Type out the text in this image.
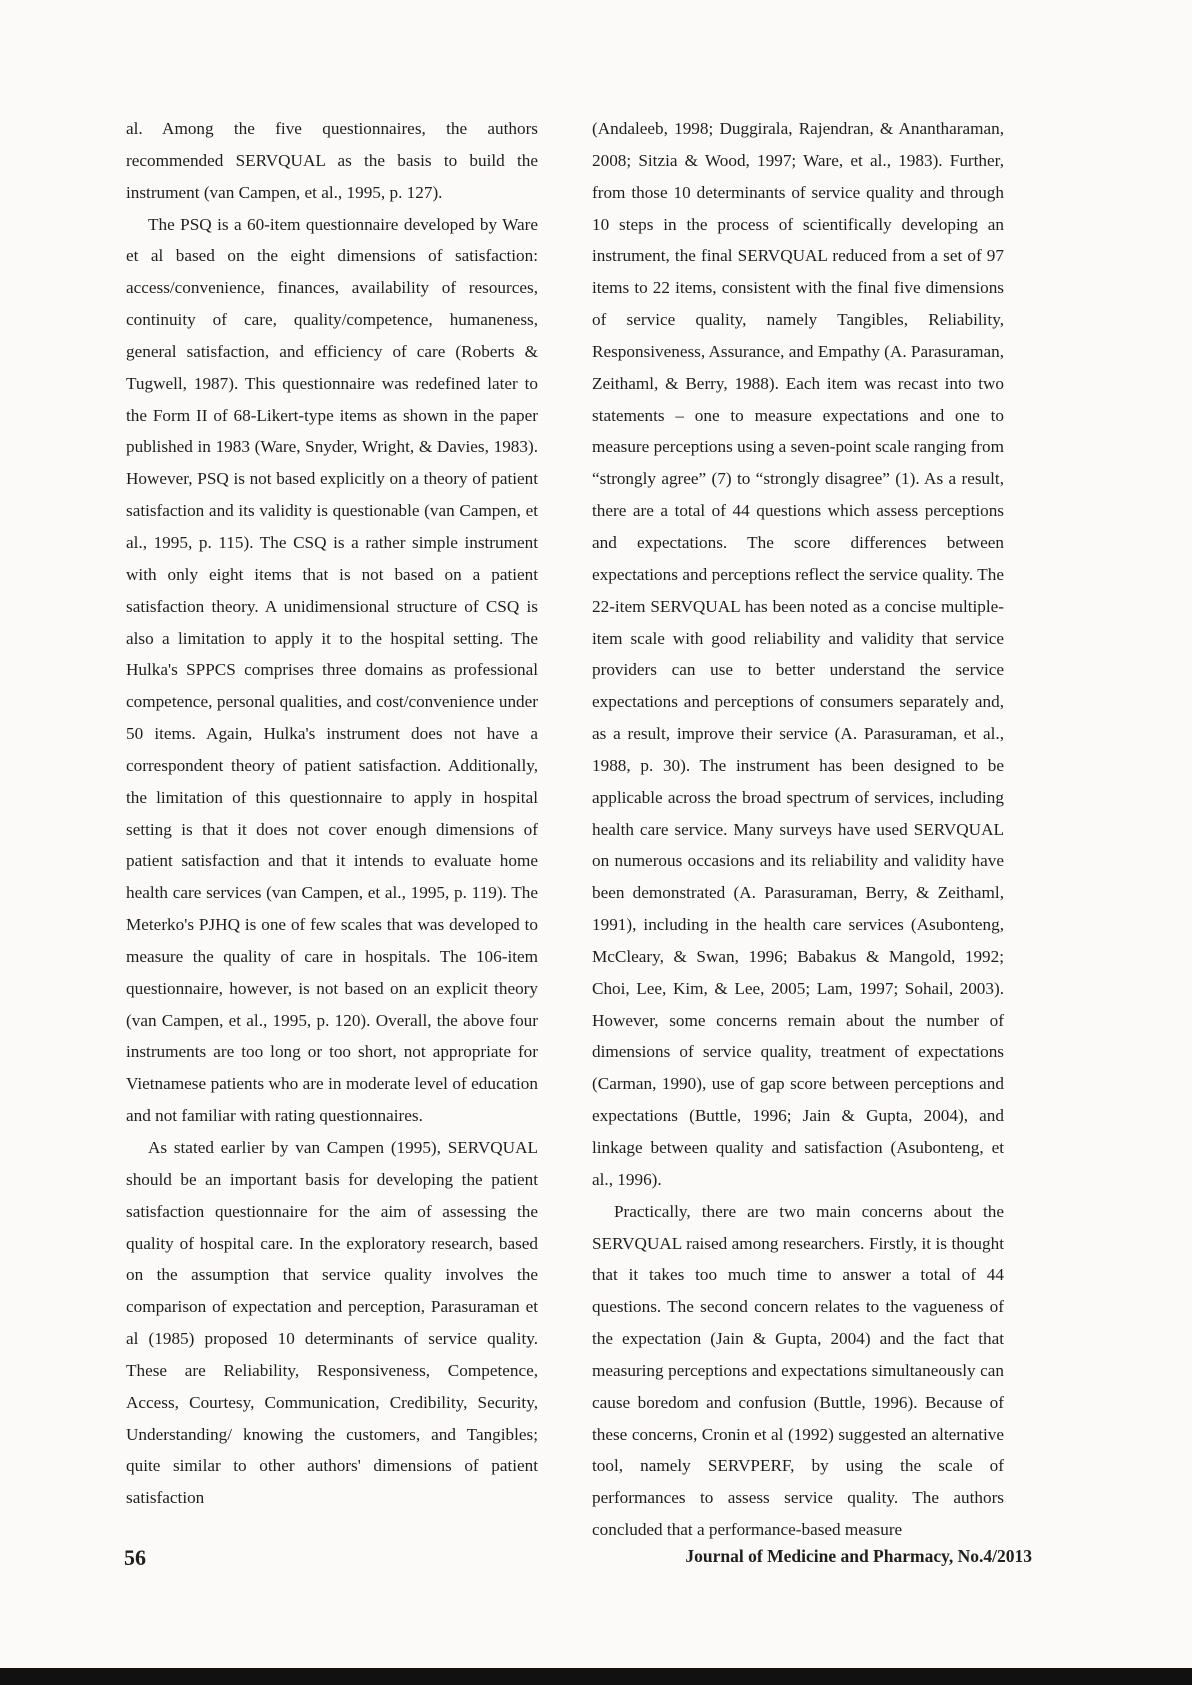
al. Among the five questionnaires, the authors recommended SERVQUAL as the basis to build the instrument (van Campen, et al., 1995, p. 127).

The PSQ is a 60-item questionnaire developed by Ware et al based on the eight dimensions of satisfaction: access/convenience, finances, availability of resources, continuity of care, quality/competence, humaneness, general satisfaction, and efficiency of care (Roberts & Tugwell, 1987). This questionnaire was redefined later to the Form II of 68-Likert-type items as shown in the paper published in 1983 (Ware, Snyder, Wright, & Davies, 1983). However, PSQ is not based explicitly on a theory of patient satisfaction and its validity is questionable (van Campen, et al., 1995, p. 115). The CSQ is a rather simple instrument with only eight items that is not based on a patient satisfaction theory. A unidimensional structure of CSQ is also a limitation to apply it to the hospital setting. The Hulka's SPPCS comprises three domains as professional competence, personal qualities, and cost/convenience under 50 items. Again, Hulka's instrument does not have a correspondent theory of patient satisfaction. Additionally, the limitation of this questionnaire to apply in hospital setting is that it does not cover enough dimensions of patient satisfaction and that it intends to evaluate home health care services (van Campen, et al., 1995, p. 119). The Meterko's PJHQ is one of few scales that was developed to measure the quality of care in hospitals. The 106-item questionnaire, however, is not based on an explicit theory (van Campen, et al., 1995, p. 120). Overall, the above four instruments are too long or too short, not appropriate for Vietnamese patients who are in moderate level of education and not familiar with rating questionnaires.

As stated earlier by van Campen (1995), SERVQUAL should be an important basis for developing the patient satisfaction questionnaire for the aim of assessing the quality of hospital care. In the exploratory research, based on the assumption that service quality involves the comparison of expectation and perception, Parasuraman et al (1985) proposed 10 determinants of service quality. These are Reliability, Responsiveness, Competence, Access, Courtesy, Communication, Credibility, Security, Understanding/ knowing the customers, and Tangibles; quite similar to other authors' dimensions of patient satisfaction

(Andaleeb, 1998; Duggirala, Rajendran, & Anantharaman, 2008; Sitzia & Wood, 1997; Ware, et al., 1983). Further, from those 10 determinants of service quality and through 10 steps in the process of scientifically developing an instrument, the final SERVQUAL reduced from a set of 97 items to 22 items, consistent with the final five dimensions of service quality, namely Tangibles, Reliability, Responsiveness, Assurance, and Empathy (A. Parasuraman, Zeithaml, & Berry, 1988). Each item was recast into two statements – one to measure expectations and one to measure perceptions using a seven-point scale ranging from “strongly agree” (7) to “strongly disagree” (1). As a result, there are a total of 44 questions which assess perceptions and expectations. The score differences between expectations and perceptions reflect the service quality. The 22-item SERVQUAL has been noted as a concise multiple-item scale with good reliability and validity that service providers can use to better understand the service expectations and perceptions of consumers separately and, as a result, improve their service (A. Parasuraman, et al., 1988, p. 30). The instrument has been designed to be applicable across the broad spectrum of services, including health care service. Many surveys have used SERVQUAL on numerous occasions and its reliability and validity have been demonstrated (A. Parasuraman, Berry, & Zeithaml, 1991), including in the health care services (Asubonteng, McCleary, & Swan, 1996; Babakus & Mangold, 1992; Choi, Lee, Kim, & Lee, 2005; Lam, 1997; Sohail, 2003). However, some concerns remain about the number of dimensions of service quality, treatment of expectations (Carman, 1990), use of gap score between perceptions and expectations (Buttle, 1996; Jain & Gupta, 2004), and linkage between quality and satisfaction (Asubonteng, et al., 1996).

Practically, there are two main concerns about the SERVQUAL raised among researchers. Firstly, it is thought that it takes too much time to answer a total of 44 questions. The second concern relates to the vagueness of the expectation (Jain & Gupta, 2004) and the fact that measuring perceptions and expectations simultaneously can cause boredom and confusion (Buttle, 1996). Because of these concerns, Cronin et al (1992) suggested an alternative tool, namely SERVPERF, by using the scale of performances to assess service quality. The authors concluded that a performance-based measure

56	Journal of Medicine and Pharmacy, No.4/2013
